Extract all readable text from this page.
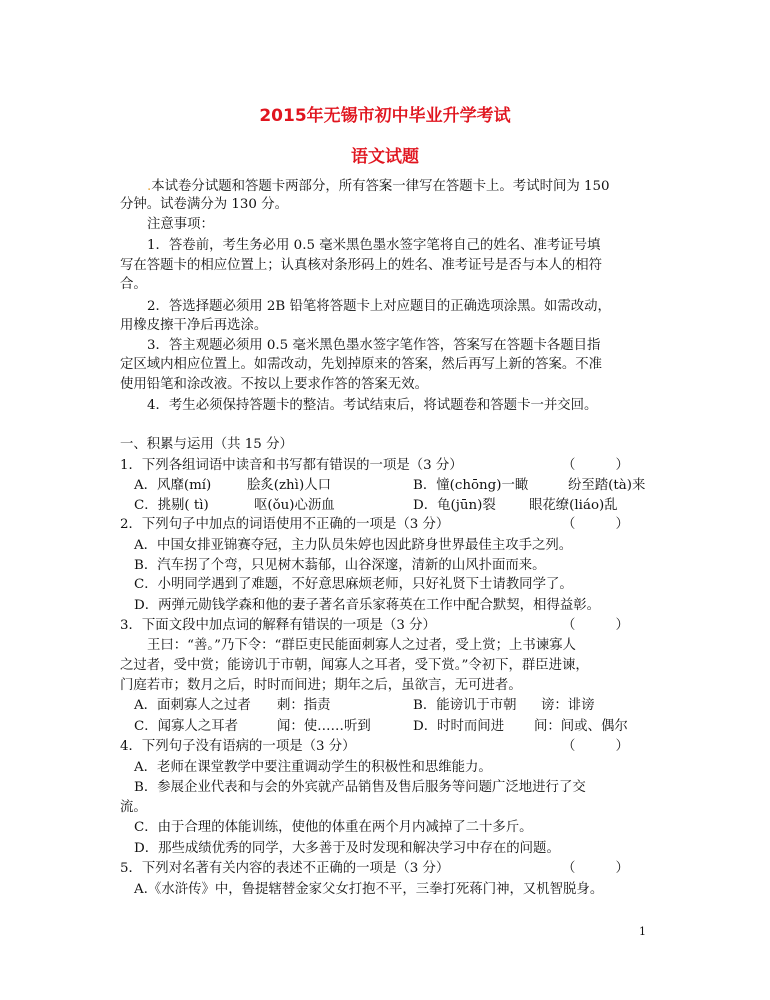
2015年无锡市初中毕业升学考试
语文试题
.本试卷分试题和答题卡两部分，所有答案一律写在答题卡上。考试时间为 150
分钟。试卷满分为 130 分。
注意事项：
1．答卷前，考生务必用 0.5 毫米黑色墨水签字笔将自己的姓名、准考证号填
写在答题卡的相应位置上；认真核对条形码上的姓名、准考证号是否与本人的相符
合。
2．答选择题必须用 2B 铅笔将答题卡上对应题目的正确选项涂黑。如需改动，
用橡皮擦干净后再选涂。
3．答主观题必须用 0.5 毫米黑色墨水签字笔作答，答案写在答题卡各题目指
定区域内相应位置上。如需改动，先划掉原来的答案，然后再写上新的答案。不准
使用铅笔和涂改液。不按以上要求作答的答案无效。
4．考生必须保持答题卡的整洁。考试结束后，将试题卷和答题卡一并交回。
一、积累与运用（共 15 分）
1．下列各组词语中读音和书写都有错误的一项是（3 分）	（　　　）
A．风靡(mí)	脍炙(zhì)人口	B．憧(chōng)一瞰	纷至踏(tà)来
C．挑剔( tì)	呕(ǒu)心沥血	D．龟(jūn)裂 眼花缭(liáo)乱
2．下列句子中加点的词语使用不正确的一项是（3 分）	（　　　）
A．中国女排亚锦赛夺冠，主力队员朱婷也因此跻身世界最佳主攻手之列。
B．汽车拐了个弯，只见树木蓊郁，山谷深邃，清新的山风扑面而来。
C．小明同学遇到了难题，不好意思麻烦老师，只好礼贤下士请教同学了。
D．两弹元勋钱学森和他的妻子著名音乐家蒋英在工作中配合默契，相得益彰。
3．下面文段中加点词的解释有错误的一项是（3 分）	（　　　）
王曰：“善。”乃下令：“群臣吏民能面刺寡人之过者，受上赏；上书谏寡人
之过者，受中赏；能谤讥于市朝，闻寡人之耳者，受下赏。”令初下，群臣进谏，
门庭若市；数月之后，时时而间进；期年之后，虽欲言，无可进者。
A．面刺寡人之过者 刺：指责	B．能谤讥于市朝 谤：诽谤
C．闻寡人之耳者	闻：使……听到	D．时时而间进 间：间或、偶尔
4．下列句子没有语病的一项是（3 分）	（　　　）
A．老师在课堂教学中要注重调动学生的积极性和思维能力。
B．参展企业代表和与会的外宾就产品销售及售后服务等问题广泛地进行了交
流。
C．由于合理的体能训练，使他的体重在两个月内减掉了二十多斤。
D．那些成绩优秀的同学，大多善于及时发现和解决学习中存在的问题。
5．下列对名著有关内容的表述不正确的一项是（3 分）	（　　　）
A.《水浒传》中，鲁提辖替金家父女打抱不平，三拳打死蒋门神，又机智脱身。
1
